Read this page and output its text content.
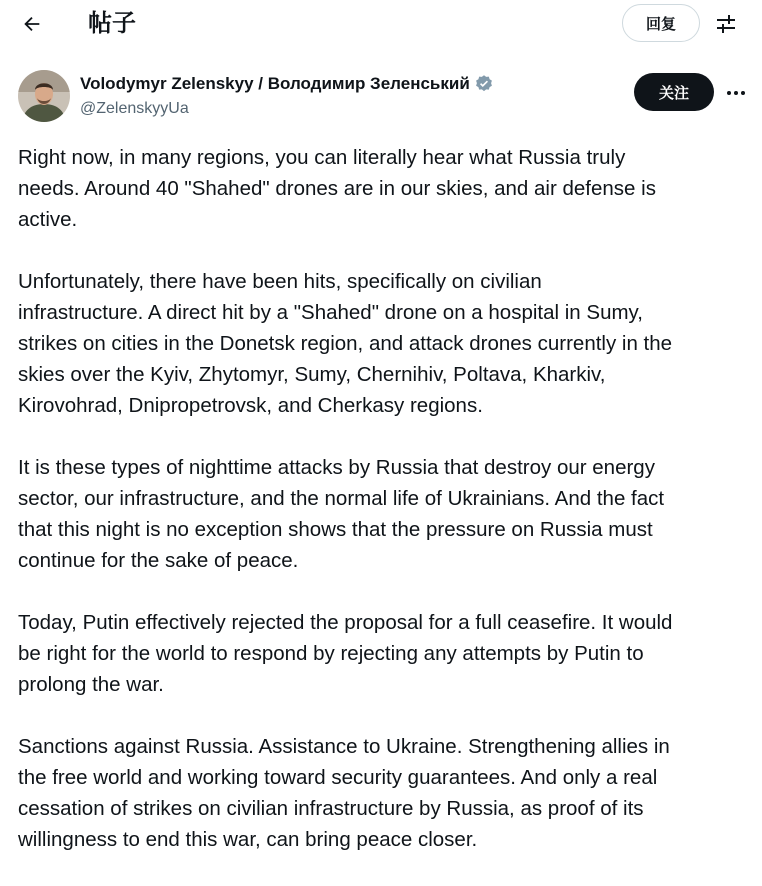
帖子	回复
Volodymyr Zelenskyy / Володимир Зеленський
@ZelenskyyUa
关注

Right now, in many regions, you can literally hear what Russia truly
needs. Around 40 "Shahed" drones are in our skies, and air defense is
active.

Unfortunately, there have been hits, specifically on civilian
infrastructure. A direct hit by a "Shahed" drone on a hospital in Sumy,
strikes on cities in the Donetsk region, and attack drones currently in the
skies over the Kyiv, Zhytomyr, Sumy, Chernihiv, Poltava, Kharkiv,
Kirovohrad, Dnipropetrovsk, and Cherkasy regions.

It is these types of nighttime attacks by Russia that destroy our energy
sector, our infrastructure, and the normal life of Ukrainians. And the fact
that this night is no exception shows that the pressure on Russia must
continue for the sake of peace.

Today, Putin effectively rejected the proposal for a full ceasefire. It would
be right for the world to respond by rejecting any attempts by Putin to
prolong the war.

Sanctions against Russia. Assistance to Ukraine. Strengthening allies in
the free world and working toward security guarantees. And only a real
cessation of strikes on civilian infrastructure by Russia, as proof of its
willingness to end this war, can bring peace closer.
